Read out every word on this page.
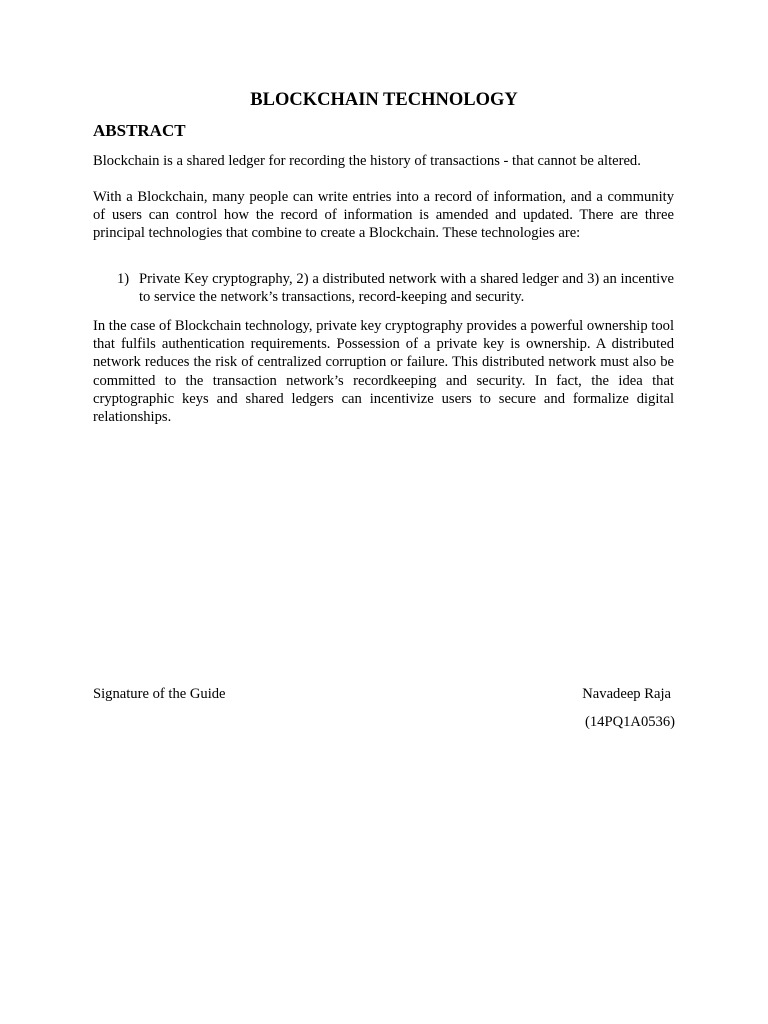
BLOCKCHAIN TECHNOLOGY
ABSTRACT

Blockchain is a shared ledger for recording the history of transactions - that cannot be altered.

With a Blockchain, many people can write entries into a record of information, and a community of users can control how the record of information is amended and updated. There are three principal technologies that combine to create a Blockchain. These technologies are:

1) Private Key cryptography, 2) a distributed network with a shared ledger and 3) an incentive to service the network’s transactions, record-keeping and security.

In the case of Blockchain technology, private key cryptography provides a powerful ownership tool that fulfils authentication requirements. Possession of a private key is ownership. A distributed network reduces the risk of centralized corruption or failure. This distributed network must also be committed to the transaction network’s recordkeeping and security. In fact, the idea that cryptographic keys and shared ledgers can incentivize users to secure and formalize digital relationships.

Signature of the Guide	Navadeep Raja
(14PQ1A0536)
